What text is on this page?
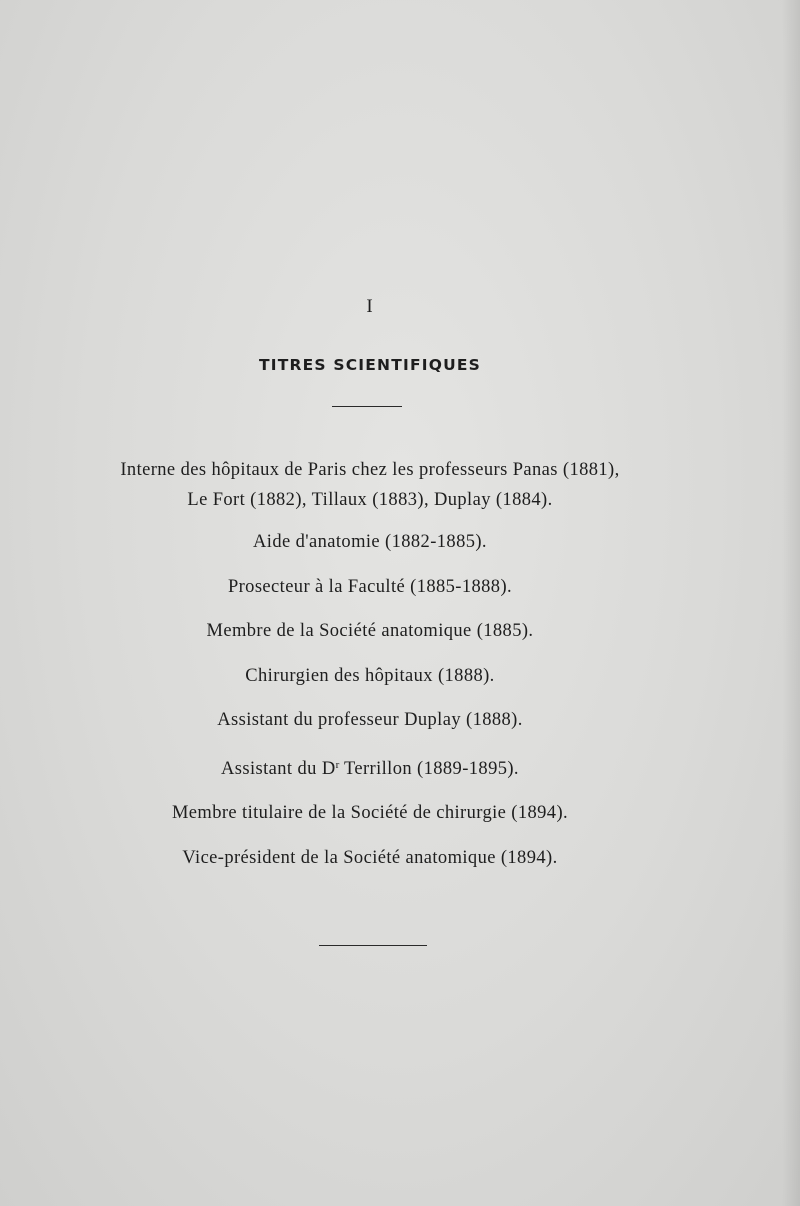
I
TITRES SCIENTIFIQUES
Interne des hôpitaux de Paris chez les professeurs Panas (1881),
Le Fort (1882), Tillaux (1883), Duplay (1884).
Aide d'anatomie (1882-1885).
Prosecteur à la Faculté (1885-1888).
Membre de la Société anatomique (1885).
Chirurgien des hôpitaux (1888).
Assistant du professeur Duplay (1888).
Assistant du $D^r$ Terrillon (1889-1895).
Membre titulaire de la Société de chirurgie (1894).
Vice-président de la Société anatomique (1894).
